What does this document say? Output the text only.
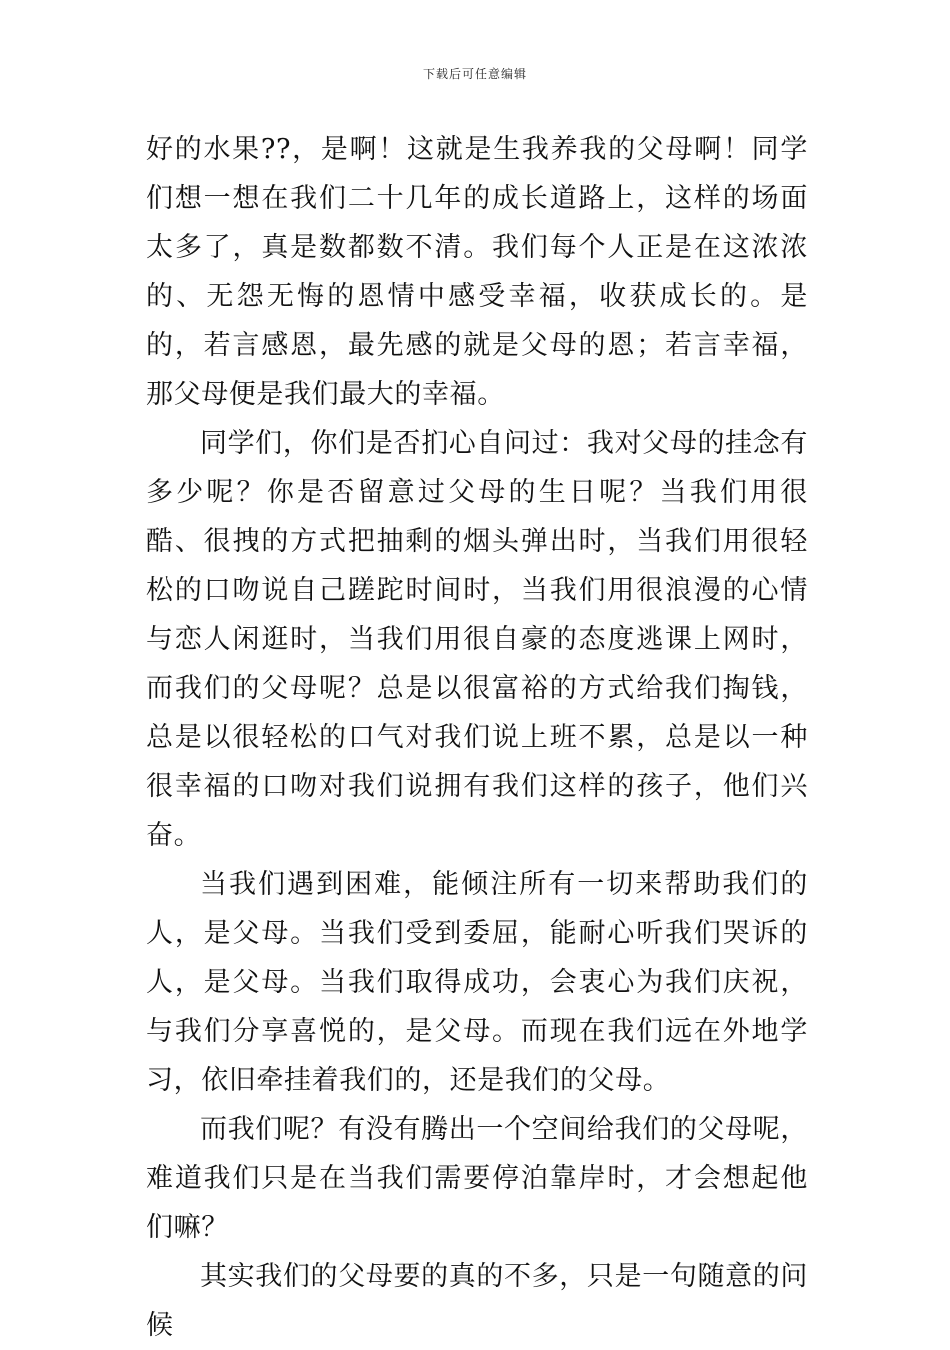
下载后可任意编辑

好的水果??，是啊！这就是生我养我的父母啊！同学们想一想在我们二十几年的成长道路上，这样的场面太多了，真是数都数不清。我们每个人正是在这浓浓的、无怨无悔的恩情中感受幸福，收获成长的。是的，若言感恩，最先感的就是父母的恩；若言幸福，那父母便是我们最大的幸福。

同学们，你们是否扪心自问过：我对父母的挂念有多少呢？你是否留意过父母的生日呢？当我们用很酷、很拽的方式把抽剩的烟头弹出时，当我们用很轻松的口吻说自己蹉跎时间时，当我们用很浪漫的心情与恋人闲逛时，当我们用很自豪的态度逃课上网时，而我们的父母呢？总是以很富裕的方式给我们掏钱，总是以很轻松的口气对我们说上班不累，总是以一种很幸福的口吻对我们说拥有我们这样的孩子，他们兴奋。

当我们遇到困难，能倾注所有一切来帮助我们的人，是父母。当我们受到委屈，能耐心听我们哭诉的人，是父母。当我们取得成功，会衷心为我们庆祝，与我们分享喜悦的，是父母。而现在我们远在外地学习，依旧牵挂着我们的，还是我们的父母。

而我们呢？有没有腾出一个空间给我们的父母呢，难道我们只是在当我们需要停泊靠岸时，才会想起他们嘛？

其实我们的父母要的真的不多，只是一句随意的问候
